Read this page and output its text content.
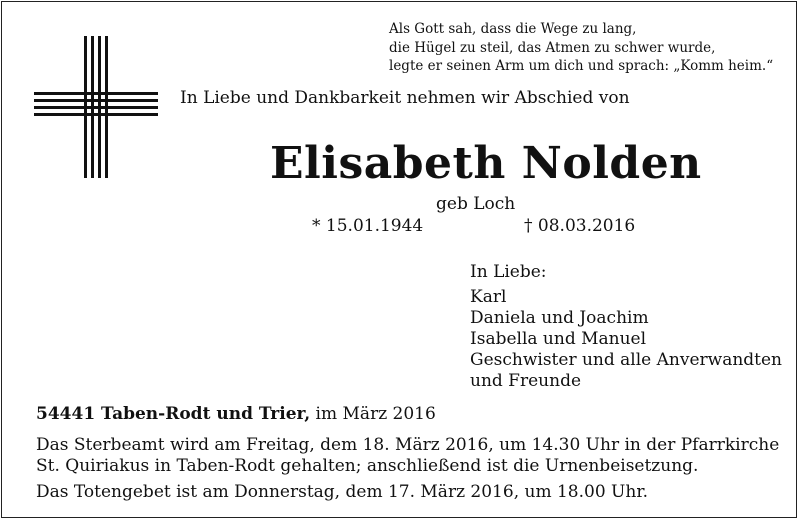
Als Gott sah, dass die Wege zu lang,
die Hügel zu steil, das Atmen zu schwer wurde,
legte er seinen Arm um dich und sprach: „Komm heim.“
In Liebe und Dankbarkeit nehmen wir Abschied von
Elisabeth Nolden
geb Loch
* 15.01.1944	† 08.03.2016
In Liebe:
Karl
Daniela und Joachim
Isabella und Manuel
Geschwister und alle Anverwandten
und Freunde
54441 Taben-Rodt und Trier, im März 2016
Das Sterbeamt wird am Freitag, dem 18. März 2016, um 14.30 Uhr in der Pfarrkirche
St. Quiriakus in Taben-Rodt gehalten; anschließend ist die Urnenbeisetzung.
Das Totengebet ist am Donnerstag, dem 17. März 2016, um 18.00 Uhr.
